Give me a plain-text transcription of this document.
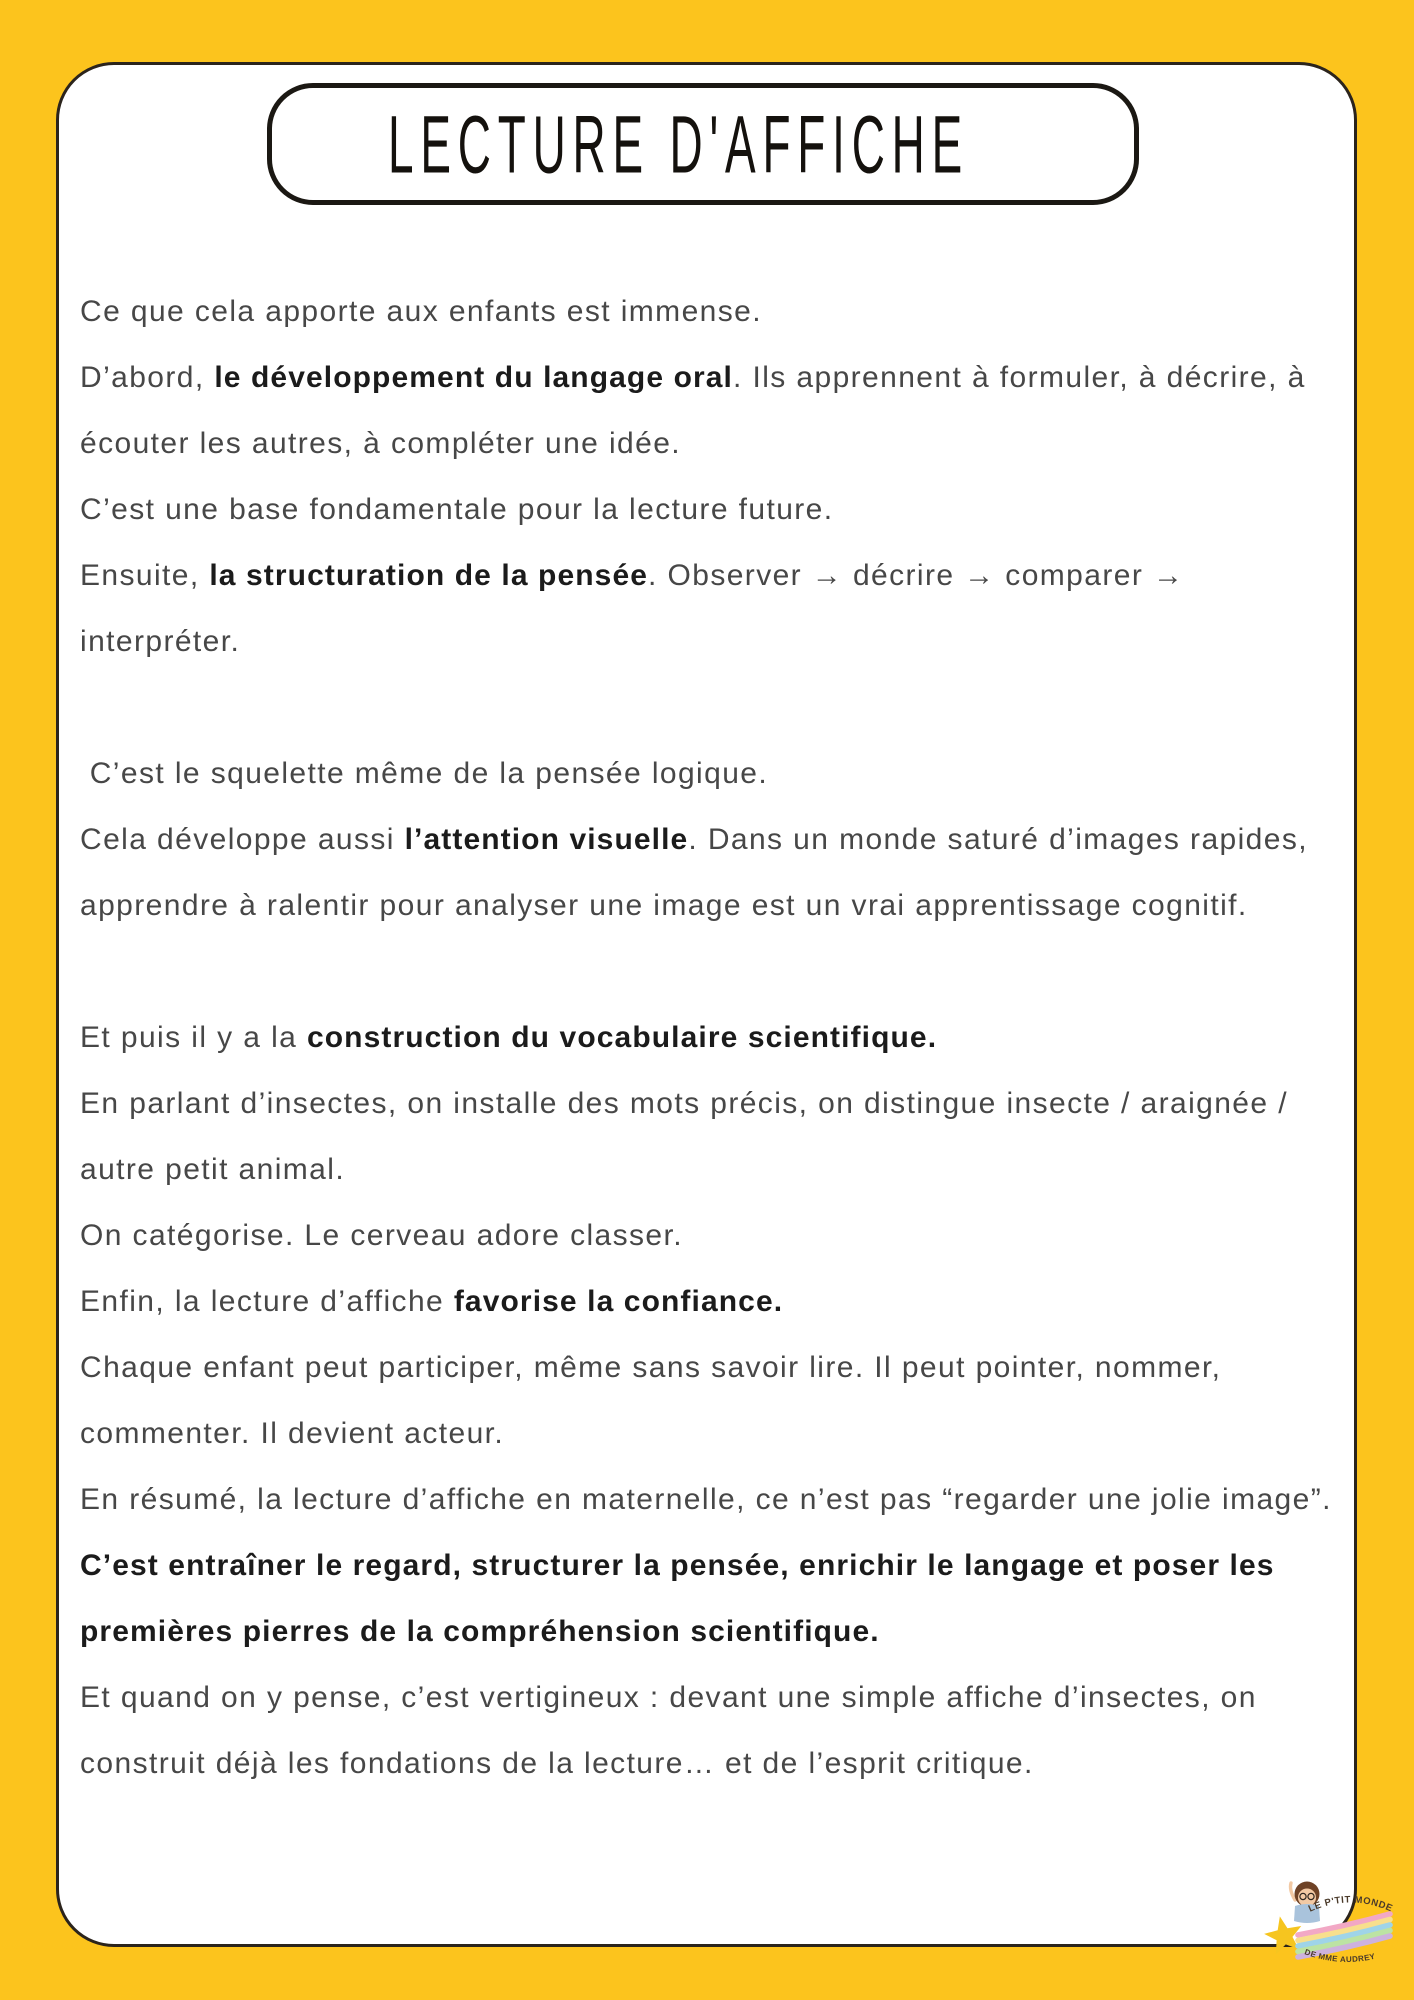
LECTURE D'AFFICHE
Ce que cela apporte aux enfants est immense.
D’abord, le développement du langage oral. Ils apprennent à formuler, à décrire, à
écouter les autres, à compléter une idée.
C’est une base fondamentale pour la lecture future.
Ensuite, la structuration de la pensée. Observer → décrire → comparer →
interpréter.
C’est le squelette même de la pensée logique.
Cela développe aussi l’attention visuelle. Dans un monde saturé d’images rapides,
apprendre à ralentir pour analyser une image est un vrai apprentissage cognitif.
Et puis il y a la construction du vocabulaire scientifique.
En parlant d’insectes, on installe des mots précis, on distingue insecte / araignée /
autre petit animal.
On catégorise. Le cerveau adore classer.
Enfin, la lecture d’affiche favorise la confiance.
Chaque enfant peut participer, même sans savoir lire. Il peut pointer, nommer,
commenter. Il devient acteur.
En résumé, la lecture d’affiche en maternelle, ce n’est pas “regarder une jolie image”.
C’est entraîner le regard, structurer la pensée, enrichir le langage et poser les
premières pierres de la compréhension scientifique.
Et quand on y pense, c’est vertigineux : devant une simple affiche d’insectes, on
construit déjà les fondations de la lecture… et de l’esprit critique.
LE P'TIT MONDE
DE MME AUDREY
